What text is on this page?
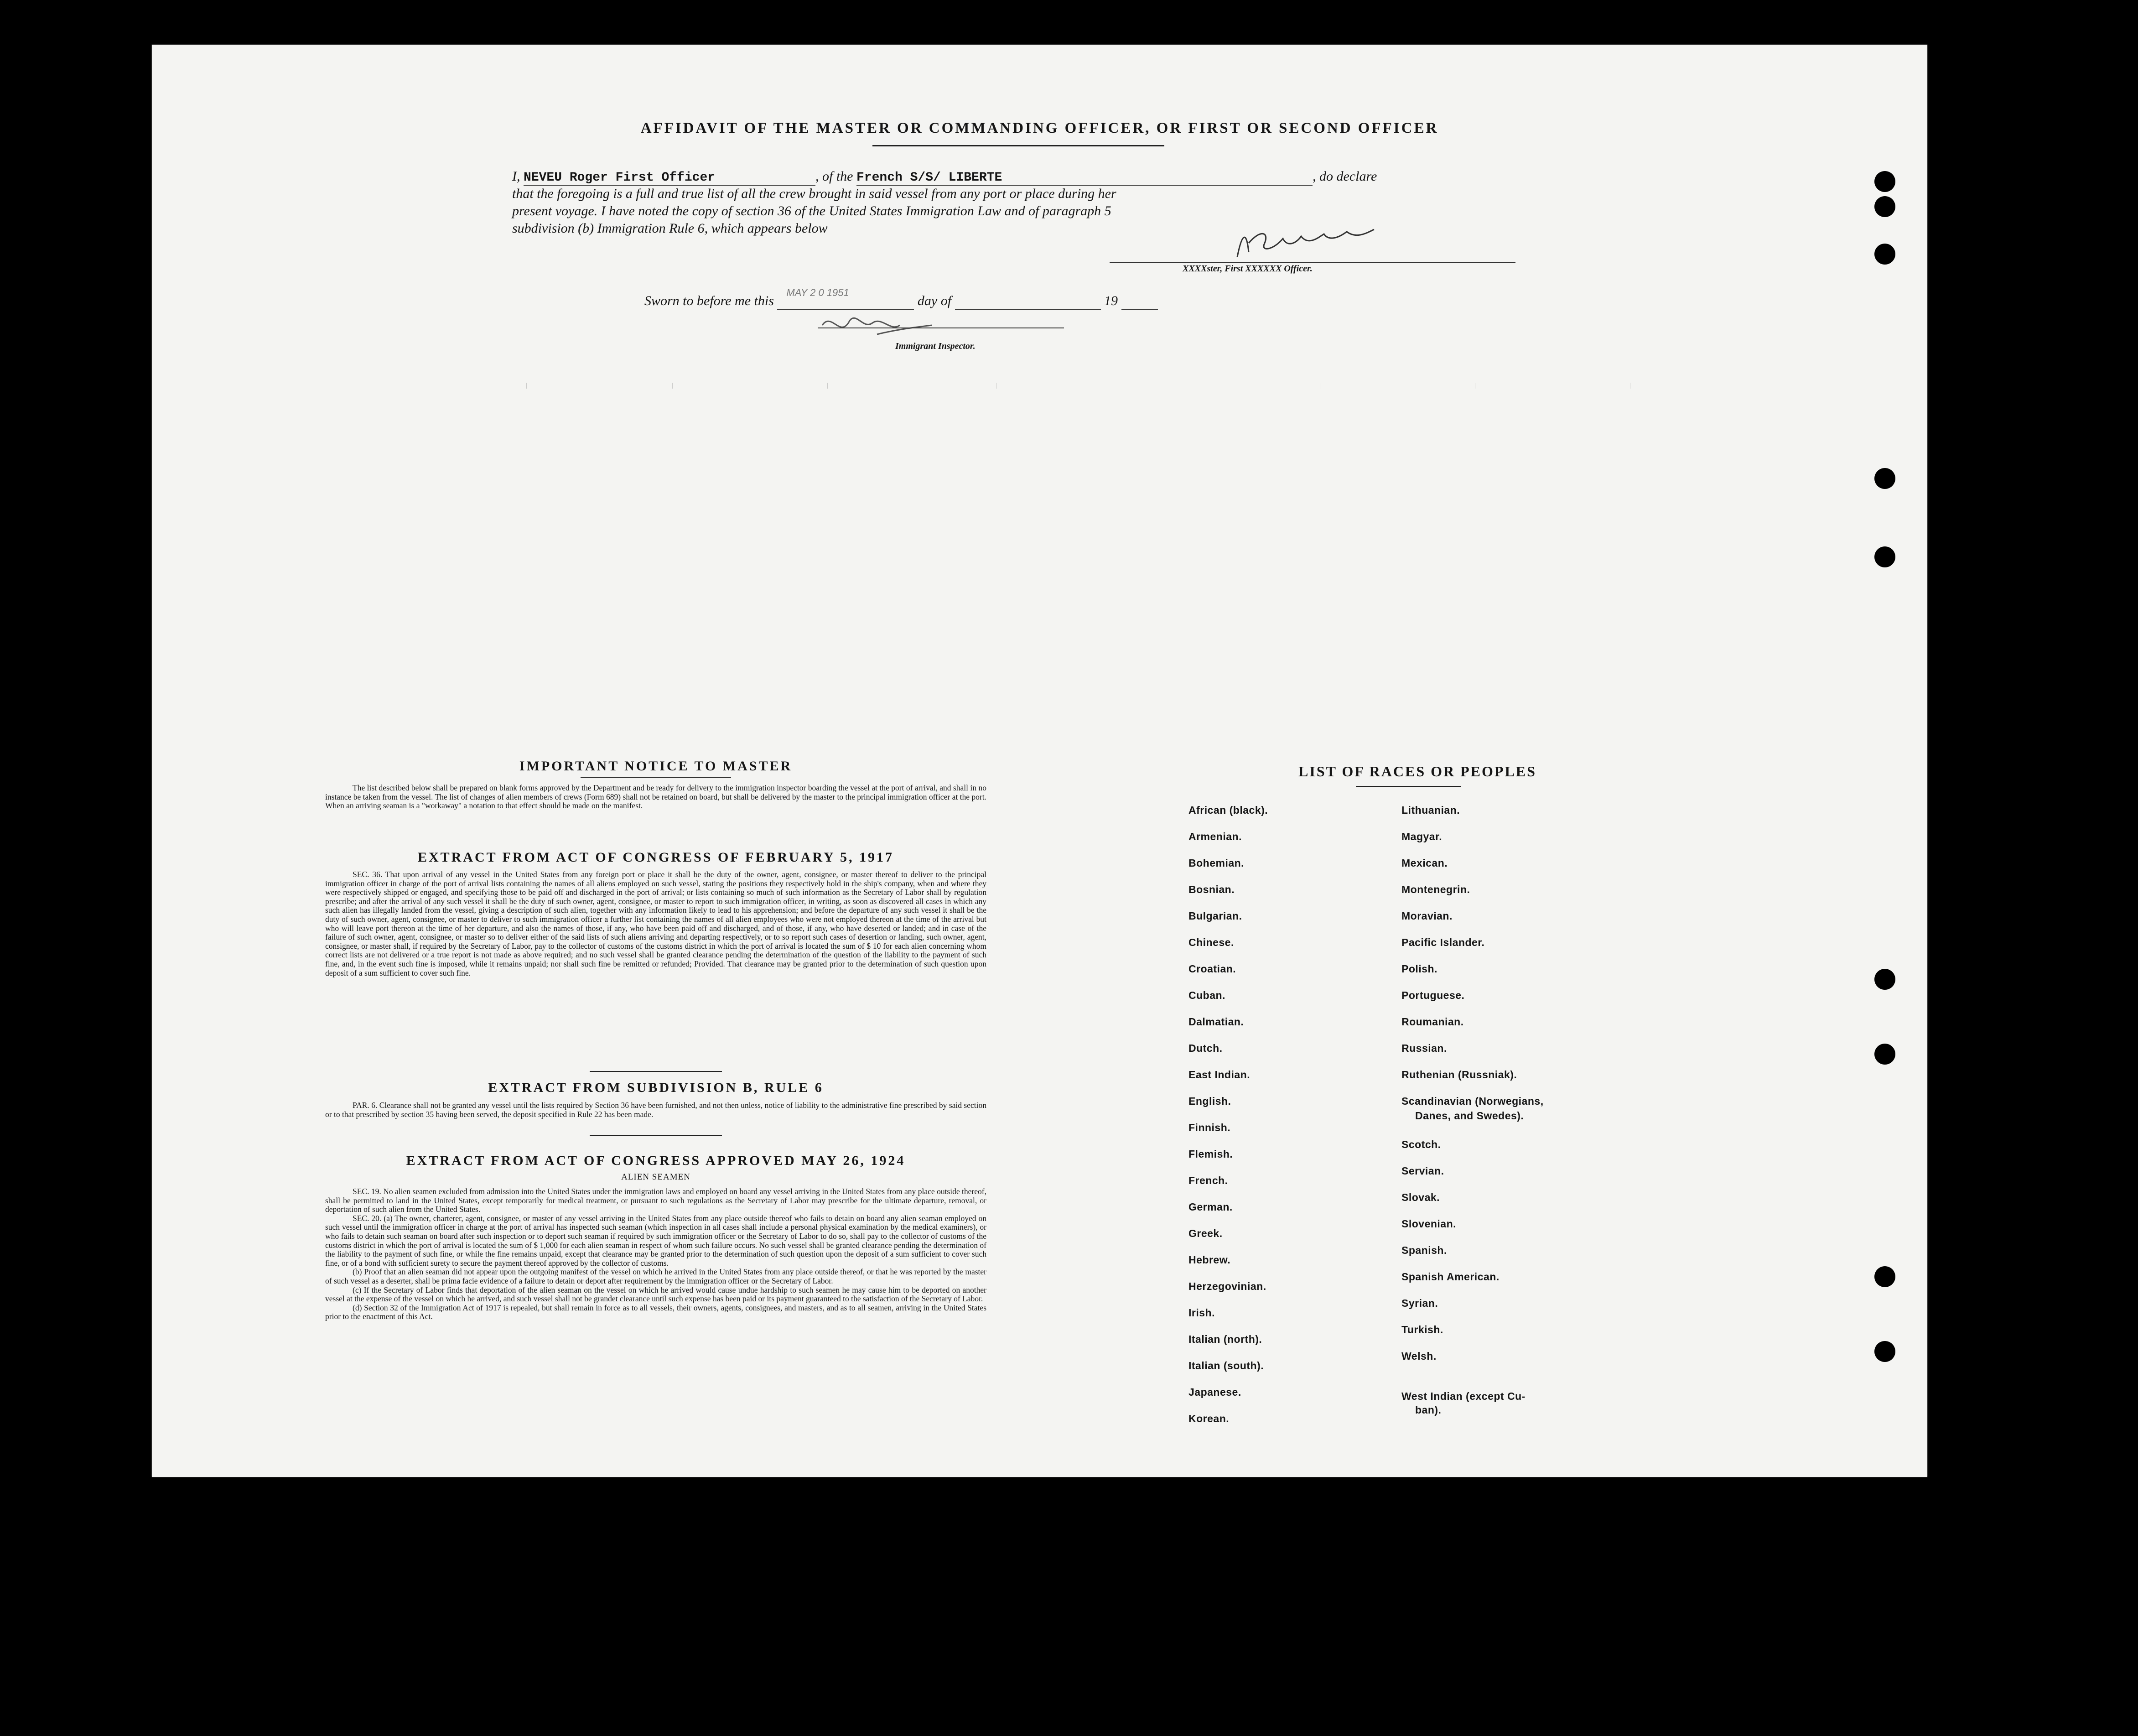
AFFIDAVIT OF THE MASTER OR COMMANDING OFFICER, OR FIRST OR SECOND OFFICER
I, NEVEU Roger First Officer	, of the French S/S/ LIBERTE	, do declare
that the foregoing is a full and true list of all the crew brought in said vessel from any port or place during her
present voyage. I have noted the copy of section 36 of the United States Immigration Law and of paragraph 5
subdivision (b) Immigration Rule 6, which appears below
XXXXster, First XXXXXX Officer.
Sworn to before me this
MAY 2 0 1951
day of	19
Immigrant Inspector.
IMPORTANT NOTICE TO MASTER

The list described below shall be prepared on blank forms approved by the Department and be ready for delivery to the immigration inspector boarding the vessel at the port of arrival, and shall in no instance be taken from the vessel. The list of changes of alien members of crews (Form 689) shall not be retained on board, but shall be delivered by the master to the principal immigration officer at the port. When an arriving seaman is a "workaway" a notation to that effect should be made on the manifest.

EXTRACT FROM ACT OF CONGRESS OF FEBRUARY 5, 1917

SEC. 36. That upon arrival of any vessel in the United States from any foreign port or place it shall be the duty of the owner, agent, consignee, or master thereof to deliver to the principal immigration officer in charge of the port of arrival lists containing the names of all aliens employed on such vessel, stating the positions they respectively hold in the ship's company, when and where they were respectively shipped or engaged, and specifying those to be paid off and discharged in the port of arrival; or lists containing so much of such information as the Secretary of Labor shall by regulation prescribe; and after the arrival of any such vessel it shall be the duty of such owner, agent, consignee, or master to report to such immigration officer, in writing, as soon as discovered all cases in which any such alien has illegally landed from the vessel, giving a description of such alien, together with any information likely to lead to his apprehension; and before the departure of any such vessel it shall be the duty of such owner, agent, consignee, or master to deliver to such immigration officer a further list containing the names of all alien employees who were not employed thereon at the time of the arrival but who will leave port thereon at the time of her departure, and also the names of those, if any, who have been paid off and discharged, and of those, if any, who have deserted or landed; and in case of the failure of such owner, agent, consignee, or master so to deliver either of the said lists of such aliens arriving and departing respectively, or to so report such cases of desertion or landing, such owner, agent, consignee, or master shall, if required by the Secretary of Labor, pay to the collector of customs of the customs district in which the port of arrival is located the sum of $ 10 for each alien concerning whom correct lists are not delivered or a true report is not made as above required; and no such vessel shall be granted clearance pending the determination of the question of the liability to the payment of such fine, and, in the event such fine is imposed, while it remains unpaid; nor shall such fine be remitted or refunded; Provided. That clearance may be granted prior to the determination of such question upon deposit of a sum sufficient to cover such fine.

EXTRACT FROM SUBDIVISION B, RULE 6

PAR. 6. Clearance shall not be granted any vessel until the lists required by Section 36 have been furnished, and not then unless, notice of liability to the administrative fine prescribed by said section or to that prescribed by section 35 having been served, the deposit specified in Rule 22 has been made.

EXTRACT FROM ACT OF CONGRESS APPROVED MAY 26, 1924
ALIEN SEAMEN

SEC. 19. No alien seamen excluded from admission into the United States under the immigration laws and employed on board any vessel arriving in the United States from any place outside thereof, shall be permitted to land in the United States, except temporarily for medical treatment, or pursuant to such regulations as the Secretary of Labor may prescribe for the ultimate departure, removal, or deportation of such alien from the United States.

SEC. 20. (a) The owner, charterer, agent, consignee, or master of any vessel arriving in the United States from any place outside thereof who fails to detain on board any alien seaman employed on such vessel until the immigration officer in charge at the port of arrival has inspected such seaman (which inspection in all cases shall include a personal physical examination by the medical examiners), or who fails to detain such seaman on board after such inspection or to deport such seaman if required by such immigration officer or the Secretary of Labor to do so, shall pay to the collector of customs of the customs district in which the port of arrival is located the sum of $ 1,000 for each alien seaman in respect of whom such failure occurs. No such vessel shall be granted clearance pending the determination of the liability to the payment of such fine, or while the fine remains unpaid, except that clearance may be granted prior to the determination of such question upon the deposit of a sum sufficient to cover such fine, or of a bond with sufficient surety to secure the payment thereof approved by the collector of customs.

(b) Proof that an alien seaman did not appear upon the outgoing manifest of the vessel on which he arrived in the United States from any place outside thereof, or that he was reported by the master of such vessel as a deserter, shall be prima facie evidence of a failure to detain or deport after requirement by the immigration officer or the Secretary of Labor.

(c) If the Secretary of Labor finds that deportation of the alien seaman on the vessel on which he arrived would cause undue hardship to such seamen he may cause him to be deported on another vessel at the expense of the vessel on which he arrived, and such vessel shall not be grandet clearance until such expense has been paid or its payment guaranteed to the satisfaction of the Secretary of Labor.

(d) Section 32 of the Immigration Act of 1917 is repealed, but shall remain in force as to all vessels, their owners, agents, consignees, and masters, and as to all seamen, arriving in the United States prior to the enactment of this Act.

LIST OF RACES OR PEOPLES
African (black).
Armenian.
Bohemian.
Bosnian.
Bulgarian.
Chinese.
Croatian.
Cuban.
Dalmatian.
Dutch.
East Indian.
English.
Finnish.
Flemish.
French.
German.
Greek.
Hebrew.
Herzegovinian.
Irish.
Italian (north).
Italian (south).
Japanese.
Korean.
Lithuanian.
Magyar.
Mexican.
Montenegrin.
Moravian.
Pacific Islander.
Polish.
Portuguese.
Roumanian.
Russian.
Ruthenian (Russniak).
Scandinavian (Norwegians,
Danes, and Swedes).
Scotch.
Servian.
Slovak.
Slovenian.
Spanish.
Spanish American.
Syrian.
Turkish.
Welsh.
West Indian (except Cu-
ban).
|	|	|	|	|	|	|	|
